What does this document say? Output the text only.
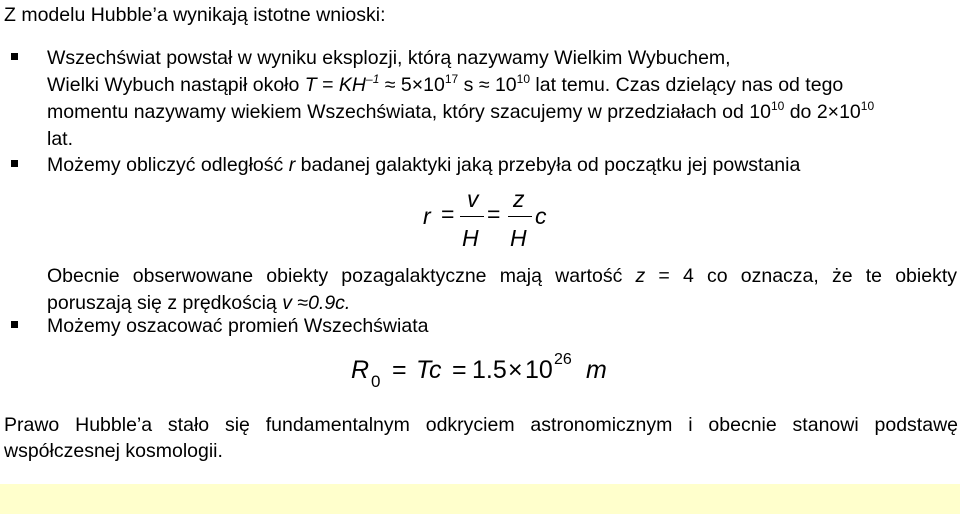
Z modelu Hubble’a wynikają istotne wnioski:
Wszechświat powstał w wyniku eksplozji, którą nazywamy Wielkim Wybuchem,
Wielki Wybuch nastąpił około $T = KH^{-1} \approx 5\times 10^{17}$ $s \approx 10^{10}$ lat temu. Czas dzielący nas od tego
momentu nazywamy wiekiem Wszechświata, który szacujemy w przedziałach od $10^{10}$ do $2\times 10^{10}$
lat.
Możemy obliczyć odległość r badanej galaktyki jaką przebyła od początku jej powstania
r =
v
H
=
z
H
c
Obecnie obserwowane obiekty pozagalaktyczne mają wartość z = 4 co oznacza, że te obiekty
poruszają się z prędkością v ≈0.9c.
Możemy oszacować promień Wszechświata
R 0 = Tc = 1.5 × 10 26 m
Prawo Hubble’a stało się fundamentalnym odkryciem astronomicznym i obecnie stanowi podstawę
współczesnej kosmologii.
